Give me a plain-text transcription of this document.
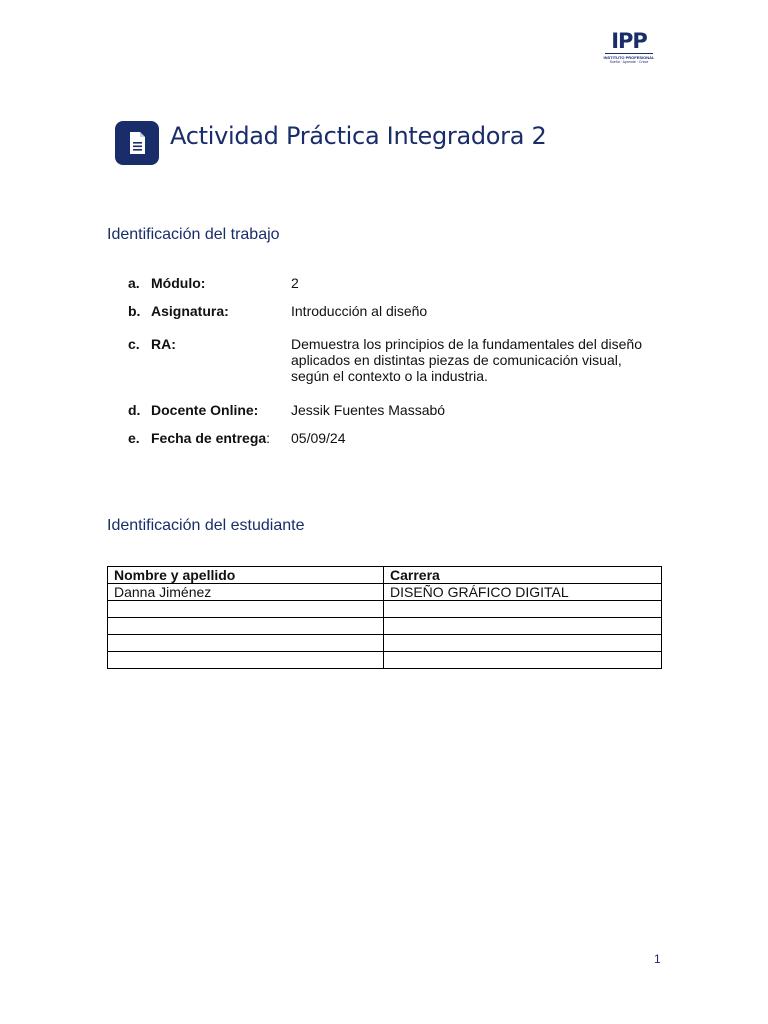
IPP
INSTITUTO PROFESIONAL
Sueña · Aprende · Crece
Actividad Práctica Integradora 2
Identificación del trabajo
a. Módulo:	2
b. Asignatura:	Introducción al diseño
c. RA:	Demuestra los principios de la fundamentales del diseño
aplicados en distintas piezas de comunicación visual,
según el contexto o la industria.
d. Docente Online:	Jessik Fuentes Massabó
e. Fecha de entrega:	05/09/24
Identificación del estudiante
Nombre y apellido	Carrera
Danna Jiménez	DISEÑO GRÁFICO DIGITAL

1
